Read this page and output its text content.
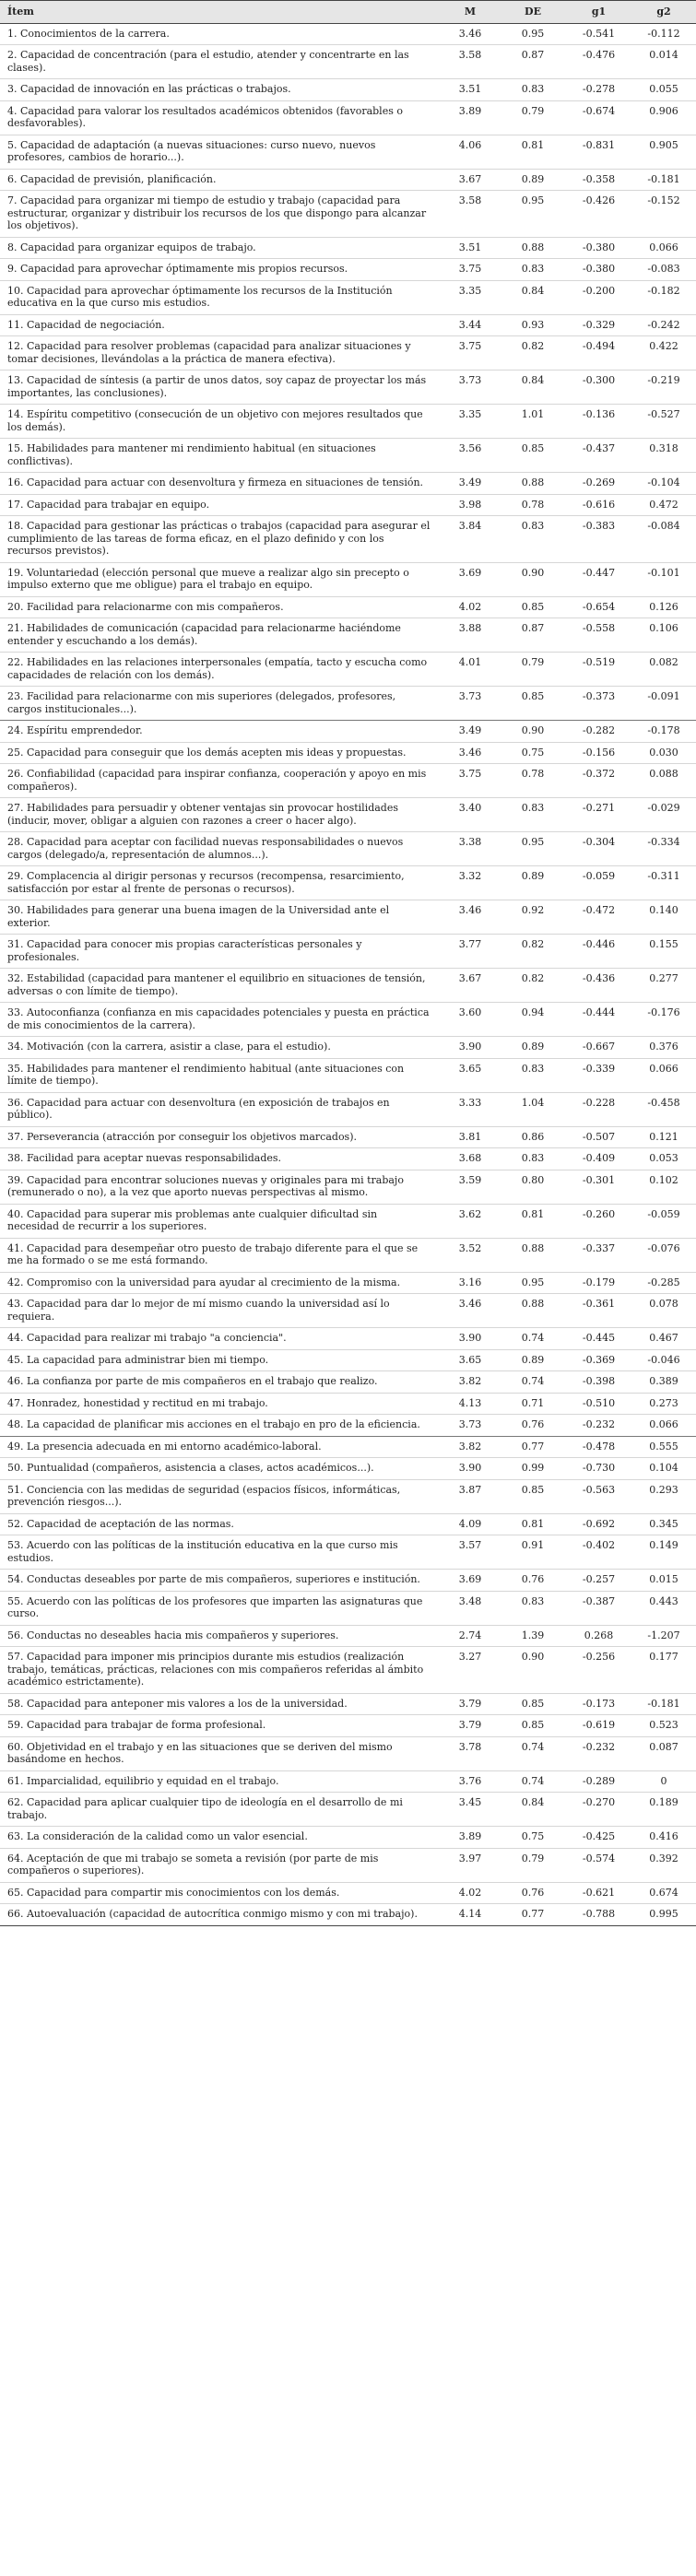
Ítem	M	DE	g1	g2
1. Conocimientos de la carrera.	3.46	0.95	-0.541	-0.112
2. Capacidad de concentración (para el estudio, atender y concentrarte en las clases).	3.58	0.87	-0.476	0.014
3. Capacidad de innovación en las prácticas o trabajos.	3.51	0.83	-0.278	0.055
4. Capacidad para valorar los resultados académicos obtenidos (favorables o desfavorables).	3.89	0.79	-0.674	0.906
5. Capacidad de adaptación (a nuevas situaciones: curso nuevo, nuevos profesores, cambios de horario...).	4.06	0.81	-0.831	0.905
6. Capacidad de previsión, planificación.	3.67	0.89	-0.358	-0.181
7. Capacidad para organizar mi tiempo de estudio y trabajo (capacidad para estructurar, organizar y distribuir los recursos de los que dispongo para alcanzar los objetivos).	3.58	0.95	-0.426	-0.152
8. Capacidad para organizar equipos de trabajo.	3.51	0.88	-0.380	0.066
9. Capacidad para aprovechar óptimamente mis propios recursos.	3.75	0.83	-0.380	-0.083
10. Capacidad para aprovechar óptimamente los recursos de la Institución educativa en la que curso mis estudios.	3.35	0.84	-0.200	-0.182
11. Capacidad de negociación.	3.44	0.93	-0.329	-0.242
12. Capacidad para resolver problemas (capacidad para analizar situaciones y tomar decisiones, llevándolas a la práctica de manera efectiva).	3.75	0.82	-0.494	0.422
13. Capacidad de síntesis (a partir de unos datos, soy capaz de proyectar los más importantes, las conclusiones).	3.73	0.84	-0.300	-0.219
14. Espíritu competitivo (consecución de un objetivo con mejores resultados que los demás).	3.35	1.01	-0.136	-0.527
15. Habilidades para mantener mi rendimiento habitual (en situaciones conflictivas).	3.56	0.85	-0.437	0.318
16. Capacidad para actuar con desenvoltura y firmeza en situaciones de tensión.	3.49	0.88	-0.269	-0.104
17. Capacidad para trabajar en equipo.	3.98	0.78	-0.616	0.472
18. Capacidad para gestionar las prácticas o trabajos (capacidad para asegurar el cumplimiento de las tareas de forma eficaz, en el plazo definido y con los recursos previstos).	3.84	0.83	-0.383	-0.084
19. Voluntariedad (elección personal que mueve a realizar algo sin precepto o impulso externo que me obligue) para el trabajo en equipo.	3.69	0.90	-0.447	-0.101
20. Facilidad para relacionarme con mis compañeros.	4.02	0.85	-0.654	0.126
21. Habilidades de comunicación (capacidad para relacionarme haciéndome entender y escuchando a los demás).	3.88	0.87	-0.558	0.106
22. Habilidades en las relaciones interpersonales (empatía, tacto y escucha como capacidades de relación con los demás).	4.01	0.79	-0.519	0.082
23. Facilidad para relacionarme con mis superiores (delegados, profesores, cargos institucionales...).	3.73	0.85	-0.373	-0.091
24. Espíritu emprendedor.	3.49	0.90	-0.282	-0.178
25. Capacidad para conseguir que los demás acepten mis ideas y propuestas.	3.46	0.75	-0.156	0.030
26. Confiabilidad (capacidad para inspirar confianza, cooperación y apoyo en mis compañeros).	3.75	0.78	-0.372	0.088
27. Habilidades para persuadir y obtener ventajas sin provocar hostilidades (inducir, mover, obligar a alguien con razones a creer o hacer algo).	3.40	0.83	-0.271	-0.029
28. Capacidad para aceptar con facilidad nuevas responsabilidades o nuevos cargos (delegado/a, representación de alumnos...).	3.38	0.95	-0.304	-0.334
29. Complacencia al dirigir personas y recursos (recompensa, resarcimiento, satisfacción por estar al frente de personas o recursos).	3.32	0.89	-0.059	-0.311
30. Habilidades para generar una buena imagen de la Universidad ante el exterior.	3.46	0.92	-0.472	0.140
31. Capacidad para conocer mis propias características personales y profesionales.	3.77	0.82	-0.446	0.155
32. Estabilidad (capacidad para mantener el equilibrio en situaciones de tensión, adversas o con límite de tiempo).	3.67	0.82	-0.436	0.277
33. Autoconfianza (confianza en mis capacidades potenciales y puesta en práctica de mis conocimientos de la carrera).	3.60	0.94	-0.444	-0.176
34. Motivación (con la carrera, asistir a clase, para el estudio).	3.90	0.89	-0.667	0.376
35. Habilidades para mantener el rendimiento habitual (ante situaciones con límite de tiempo).	3.65	0.83	-0.339	0.066
36. Capacidad para actuar con desenvoltura (en exposición de trabajos en público).	3.33	1.04	-0.228	-0.458
37. Perseverancia (atracción por conseguir los objetivos marcados).	3.81	0.86	-0.507	0.121
38. Facilidad para aceptar nuevas responsabilidades.	3.68	0.83	-0.409	0.053
39. Capacidad para encontrar soluciones nuevas y originales para mi trabajo (remunerado o no), a la vez que aporto nuevas perspectivas al mismo.	3.59	0.80	-0.301	0.102
40. Capacidad para superar mis problemas ante cualquier dificultad sin necesidad de recurrir a los superiores.	3.62	0.81	-0.260	-0.059
41. Capacidad para desempeñar otro puesto de trabajo diferente para el que se me ha formado o se me está formando.	3.52	0.88	-0.337	-0.076
42. Compromiso con la universidad para ayudar al crecimiento de la misma.	3.16	0.95	-0.179	-0.285
43. Capacidad para dar lo mejor de mí mismo cuando la universidad así lo requiera.	3.46	0.88	-0.361	0.078
44. Capacidad para realizar mi trabajo "a conciencia".	3.90	0.74	-0.445	0.467
45. La capacidad para administrar bien mi tiempo.	3.65	0.89	-0.369	-0.046
46. La confianza por parte de mis compañeros en el trabajo que realizo.	3.82	0.74	-0.398	0.389
47. Honradez, honestidad y rectitud en mi trabajo.	4.13	0.71	-0.510	0.273
48. La capacidad de planificar mis acciones en el trabajo en pro de la eficiencia.	3.73	0.76	-0.232	0.066
49. La presencia adecuada en mi entorno académico-laboral.	3.82	0.77	-0.478	0.555
50. Puntualidad (compañeros, asistencia a clases, actos académicos...).	3.90	0.99	-0.730	0.104
51. Conciencia con las medidas de seguridad (espacios físicos, informáticas, prevención riesgos...).	3.87	0.85	-0.563	0.293
52. Capacidad de aceptación de las normas.	4.09	0.81	-0.692	0.345
53. Acuerdo con las políticas de la institución educativa en la que curso mis estudios.	3.57	0.91	-0.402	0.149
54. Conductas deseables por parte de mis compañeros, superiores e institución.	3.69	0.76	-0.257	0.015
55. Acuerdo con las políticas de los profesores que imparten las asignaturas que curso.	3.48	0.83	-0.387	0.443
56. Conductas no deseables hacia mis compañeros y superiores.	2.74	1.39	0.268	-1.207
57. Capacidad para imponer mis principios durante mis estudios (realización trabajo, temáticas, prácticas, relaciones con mis compañeros referidas al ámbito académico estrictamente).	3.27	0.90	-0.256	0.177
58. Capacidad para anteponer mis valores a los de la universidad.	3.79	0.85	-0.173	-0.181
59. Capacidad para trabajar de forma profesional.	3.79	0.85	-0.619	0.523
60. Objetividad en el trabajo y en las situaciones que se deriven del mismo basándome en hechos.	3.78	0.74	-0.232	0.087
61. Imparcialidad, equilibrio y equidad en el trabajo.	3.76	0.74	-0.289	0
62. Capacidad para aplicar cualquier tipo de ideología en el desarrollo de mi trabajo.	3.45	0.84	-0.270	0.189
63. La consideración de la calidad como un valor esencial.	3.89	0.75	-0.425	0.416
64. Aceptación de que mi trabajo se someta a revisión (por parte de mis compañeros o superiores).	3.97	0.79	-0.574	0.392
65. Capacidad para compartir mis conocimientos con los demás.	4.02	0.76	-0.621	0.674
66. Autoevaluación (capacidad de autocrítica conmigo mismo y con mi trabajo).	4.14	0.77	-0.788	0.995
